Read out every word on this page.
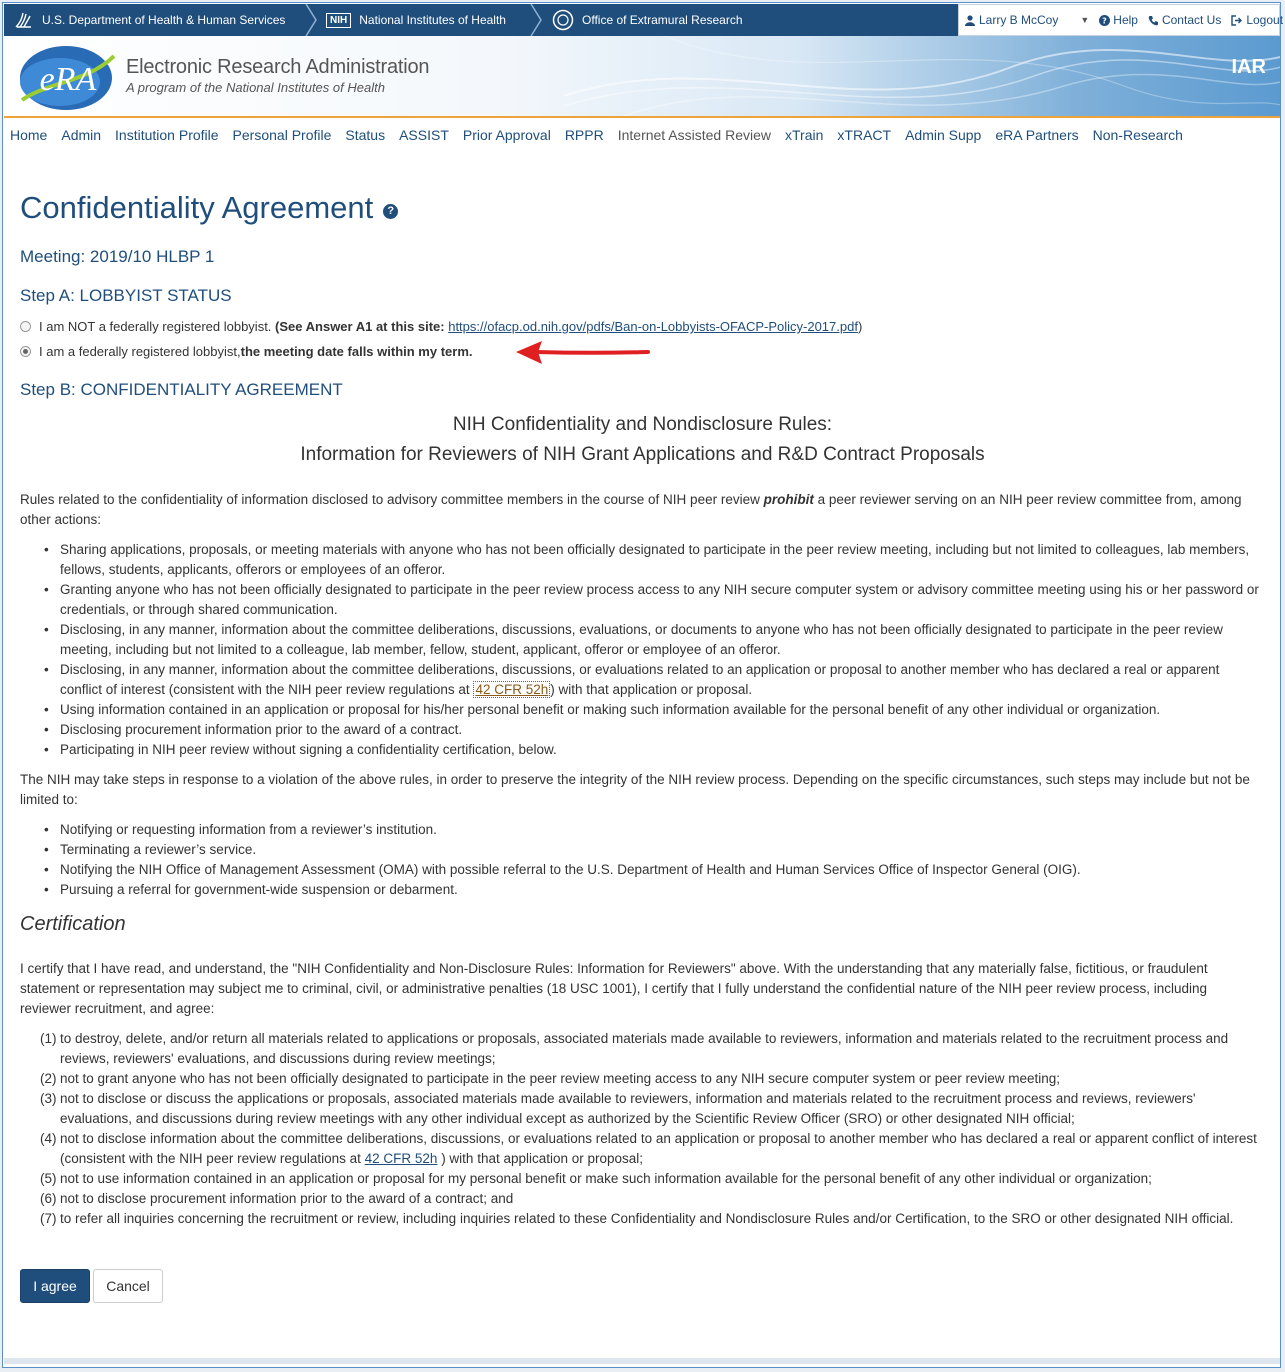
U.S. Department of Health & Human Services	NIH	National Institutes of Health	Office of Extramural Research	Larry B McCoy ▼ ? Help Contact Us Logout
eRA Electronic Research Administration
A program of the National Institutes of Health
IAR
Home Admin Institution Profile Personal Profile Status ASSIST Prior Approval RPPR Internet Assisted Review xTrain xTRACT Admin Supp eRA Partners Non-Research
Confidentiality Agreement ?
Meeting: 2019/10 HLBP 1
Step A: LOBBYIST STATUS
I am NOT a federally registered lobbyist.
(See Answer A1 at this site:
https://ofacp.od.nih.gov/pdfs/Ban-on-Lobbyists-OFACP-Policy-2017.pdf )
I am a federally registered lobbyist, the meeting date falls within my term.
Step B: CONFIDENTIALITY AGREEMENT
NIH Confidentiality and Nondisclosure Rules:
Information for Reviewers of NIH Grant Applications and R&D Contract Proposals
Rules related to the confidentiality of information disclosed to advisory committee members in the course of NIH peer review prohibit a peer reviewer serving on an NIH peer review committee from, among other actions:
• Sharing applications, proposals, or meeting materials with anyone who has not been officially designated to participate in the peer review meeting, including but not limited to colleagues, lab members, fellows, students, applicants, offerors or employees of an offeror.
• Granting anyone who has not been officially designated to participate in the peer review process access to any NIH secure computer system or advisory committee meeting using his or her password or credentials, or through shared communication.
• Disclosing, in any manner, information about the committee deliberations, discussions, evaluations, or documents to anyone who has not been officially designated to participate in the peer review meeting, including but not limited to a colleague, lab member, fellow, student, applicant, offeror or employee of an offeror.
• Disclosing, in any manner, information about the committee deliberations, discussions, or evaluations related to an application or proposal to another member who has declared a real or apparent conflict of interest (consistent with the NIH peer review regulations at 42 CFR 52h ) with that application or proposal.
• Using information contained in an application or proposal for his/her personal benefit or making such information available for the personal benefit of any other individual or organization.
• Disclosing procurement information prior to the award of a contract.
• Participating in NIH peer review without signing a confidentiality certification, below.
The NIH may take steps in response to a violation of the above rules, in order to preserve the integrity of the NIH review process. Depending on the specific circumstances, such steps may include but not be limited to:
• Notifying or requesting information from a reviewer’s institution.
• Terminating a reviewer’s service.
• Notifying the NIH Office of Management Assessment (OMA) with possible referral to the U.S. Department of Health and Human Services Office of Inspector General (OIG).
• Pursuing a referral for government-wide suspension or debarment.
Certification
I certify that I have read, and understand, the "NIH Confidentiality and Non-Disclosure Rules: Information for Reviewers" above. With the understanding that any materially false, fictitious, or fraudulent statement or representation may subject me to criminal, civil, or administrative penalties (18 USC 1001), I certify that I fully understand the confidential nature of the NIH peer review process, including reviewer recruitment, and agree:
(1) to destroy, delete, and/or return all materials related to applications or proposals, associated materials made available to reviewers, information and materials related to the recruitment process and reviews, reviewers' evaluations, and discussions during review meetings;
(2) not to grant anyone who has not been officially designated to participate in the peer review meeting access to any NIH secure computer system or peer review meeting;
(3) not to disclose or discuss the applications or proposals, associated materials made available to reviewers, information and materials related to the recruitment process and reviews, reviewers' evaluations, and discussions during review meetings with any other individual except as authorized by the Scientific Review Officer (SRO) or other designated NIH official;
(4) not to disclose information about the committee deliberations, discussions, or evaluations related to an application or proposal to another member who has declared a real or apparent conflict of interest (consistent with the NIH peer review regulations at 42 CFR 52h ) with that application or proposal;
(5) not to use information contained in an application or proposal for my personal benefit or make such information available for the personal benefit of any other individual or organization;
(6) not to disclose procurement information prior to the award of a contract; and
(7) to refer all inquiries concerning the recruitment or review, including inquiries related to these Confidentiality and Nondisclosure Rules and/or Certification, to the SRO or other designated NIH official.
I agree	Cancel
